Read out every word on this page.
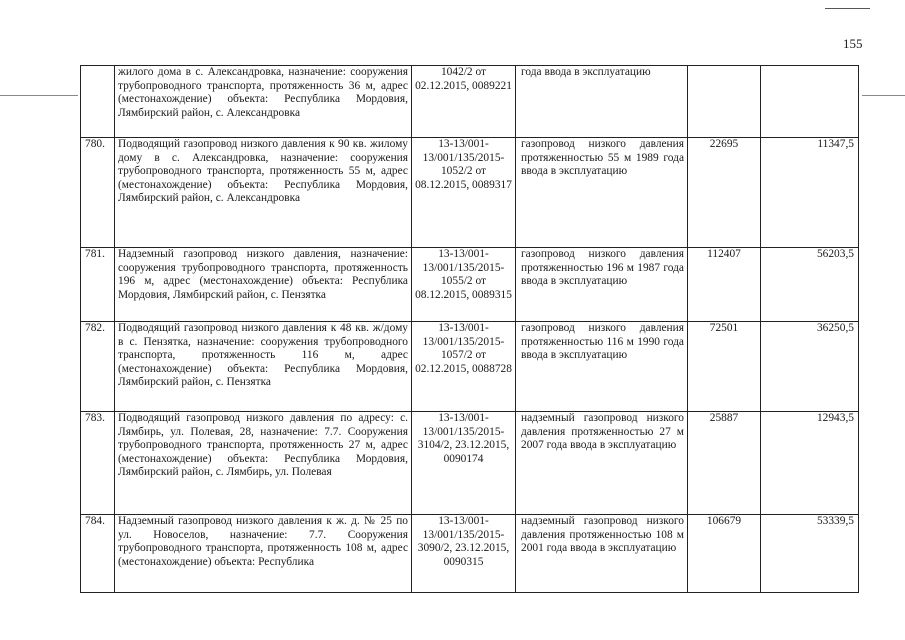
155
	жилого дома в с. Александровка, назначение: сооружения трубопроводного транспорта, протяженность 36 м, адрес (местонахождение) объекта: Республика Мордовия, Лямбирский район, с. Александровка	1042/2 от 02.12.2015, 0089221	года ввода в эксплуатацию		
780.	Подводящий газопровод низкого давления к 90 кв. жилому дому в с. Александровка, назначение: сооружения трубопроводного транспорта, протяженность 55 м, адрес (местонахождение) объекта: Республика Мордовия, Лямбирский район, с. Александровка	13-13/001-13/001/135/2015-1052/2 от 08.12.2015, 0089317	газопровод низкого давления протяженностью 55 м 1989 года ввода в эксплуатацию	22695	11347,5
781.	Надземный газопровод низкого давления, назначение: сооружения трубопроводного транспорта, протяженность 196 м, адрес (местонахождение) объекта: Республика Мордовия, Лямбирский район, с. Пензятка	13-13/001-13/001/135/2015-1055/2 от 08.12.2015, 0089315	газопровод низкого давления протяженностью 196 м 1987 года ввода в эксплуатацию	112407	56203,5
782.	Подводящий газопровод низкого давления к 48 кв. ж/дому в с. Пензятка, назначение: сооружения трубопроводного транспорта, протяженность 116 м, адрес (местонахождение) объекта: Республика Мордовия, Лямбирский район, с. Пензятка	13-13/001-13/001/135/2015-1057/2 от 02.12.2015, 0088728	газопровод низкого давления протяженностью 116 м 1990 года ввода в эксплуатацию	72501	36250,5
783.	Подводящий газопровод низкого давления по адресу: с. Лямбирь, ул. Полевая, 28, назначение: 7.7. Сооружения трубопроводного транспорта, протяженность 27 м, адрес (местонахождение) объекта: Республика Мордовия, Лямбирский район, с. Лямбирь, ул. Полевая	13-13/001-13/001/135/2015-3104/2, 23.12.2015, 0090174	надземный газопровод низкого давления протяженностью 27 м 2007 года ввода в эксплуатацию	25887	12943,5
784.	Надземный газопровод низкого давления к ж. д. № 25 по ул. Новоселов, назначение: 7.7. Сооружения трубопроводного транспорта, протяженность 108 м, адрес (местонахождение) объекта: Республика	13-13/001-13/001/135/2015-3090/2, 23.12.2015, 0090315	надземный газопровод низкого давления протяженностью 108 м 2001 года ввода в эксплуатацию	106679	53339,5
